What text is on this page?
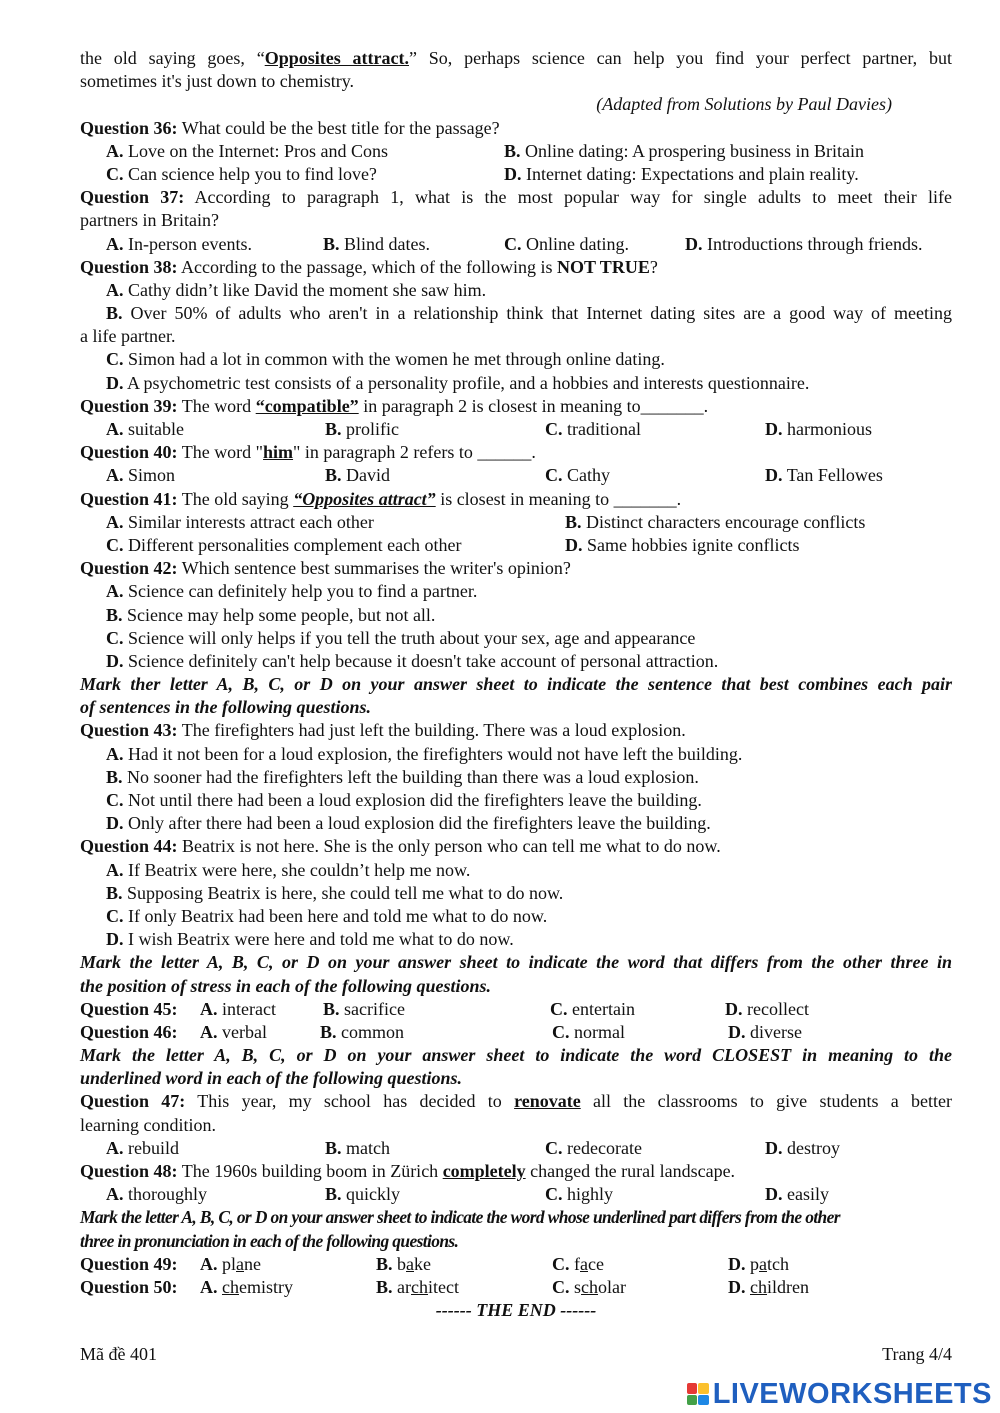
the old saying goes, “Opposites attract.” So, perhaps science can help you find your perfect partner, but
sometimes it's just down to chemistry.
(Adapted from Solutions by Paul Davies)
Question 36: What could be the best title for the passage?
A. Love on the Internet: Pros and Cons	B. Online dating: A prospering business in Britain
C. Can science help you to find love?	D. Internet dating: Expectations and plain reality.
Question 37: According to paragraph 1, what is the most popular way for single adults to meet their life
partners in Britain?
A. In-person events.	B. Blind dates.	C. Online dating.	D. Introductions through friends.
Question 38: According to the passage, which of the following is NOT TRUE?
A. Cathy didn’t like David the moment she saw him.
B. Over 50% of adults who aren't in a relationship think that Internet dating sites are a good way of meeting
a life partner.
C. Simon had a lot in common with the women he met through online dating.
D. A psychometric test consists of a personality profile, and a hobbies and interests questionnaire.
Question 39: The word “compatible” in paragraph 2 is closest in meaning to_______.
A. suitable	B. prolific	C. traditional	D. harmonious
Question 40: The word "him" in paragraph 2 refers to ______.
A. Simon	B. David	C. Cathy	D. Tan Fellowes
Question 41: The old saying “Opposites attract” is closest in meaning to _______.
A. Similar interests attract each other	B. Distinct characters encourage conflicts
C. Different personalities complement each other	D. Same hobbies ignite conflicts
Question 42: Which sentence best summarises the writer's opinion?
A. Science can definitely help you to find a partner.
B. Science may help some people, but not all.
C. Science will only helps if you tell the truth about your sex, age and appearance
D. Science definitely can't help because it doesn't take account of personal attraction.
Mark ther letter A, B, C, or D on your answer sheet to indicate the sentence that best combines each pair
of sentences in the following questions.
Question 43: The firefighters had just left the building. There was a loud explosion.
A. Had it not been for a loud explosion, the firefighters would not have left the building.
B. No sooner had the firefighters left the building than there was a loud explosion.
C. Not until there had been a loud explosion did the firefighters leave the building.
D. Only after there had been a loud explosion did the firefighters leave the building.
Question 44: Beatrix is not here. She is the only person who can tell me what to do now.
A. If Beatrix were here, she couldn’t help me now.
B. Supposing Beatrix is here, she could tell me what to do now.
C. If only Beatrix had been here and told me what to do now.
D. I wish Beatrix were here and told me what to do now.
Mark the letter A, B, C, or D on your answer sheet to indicate the word that differs from the other three in
the position of stress in each of the following questions.
Question 45: A. interact	B. sacrifice	C. entertain	D. recollect
Question 46: A. verbal	B. common	C. normal	D. diverse
Mark the letter A, B, C, or D on your answer sheet to indicate the word CLOSEST in meaning to the
underlined word in each of the following questions.
Question 47: This year, my school has decided to renovate all the classrooms to give students a better
learning condition.
A. rebuild	B. match	C. redecorate	D. destroy
Question 48: The 1960s building boom in Zürich completely changed the rural landscape.
A. thoroughly	B. quickly	C. highly	D. easily
Mark the letter A, B, C, or D on your answer sheet to indicate the word whose underlined part differs from the other
three in pronunciation in each of the following questions.
Question 49: A. plane	B. bake	C. face	D. patch
Question 50: A. chemistry	B. architect	C. scholar	D. children
------ THE END ------
Mã đề 401	Trang 4/4
LIVEWORKSHEETS
